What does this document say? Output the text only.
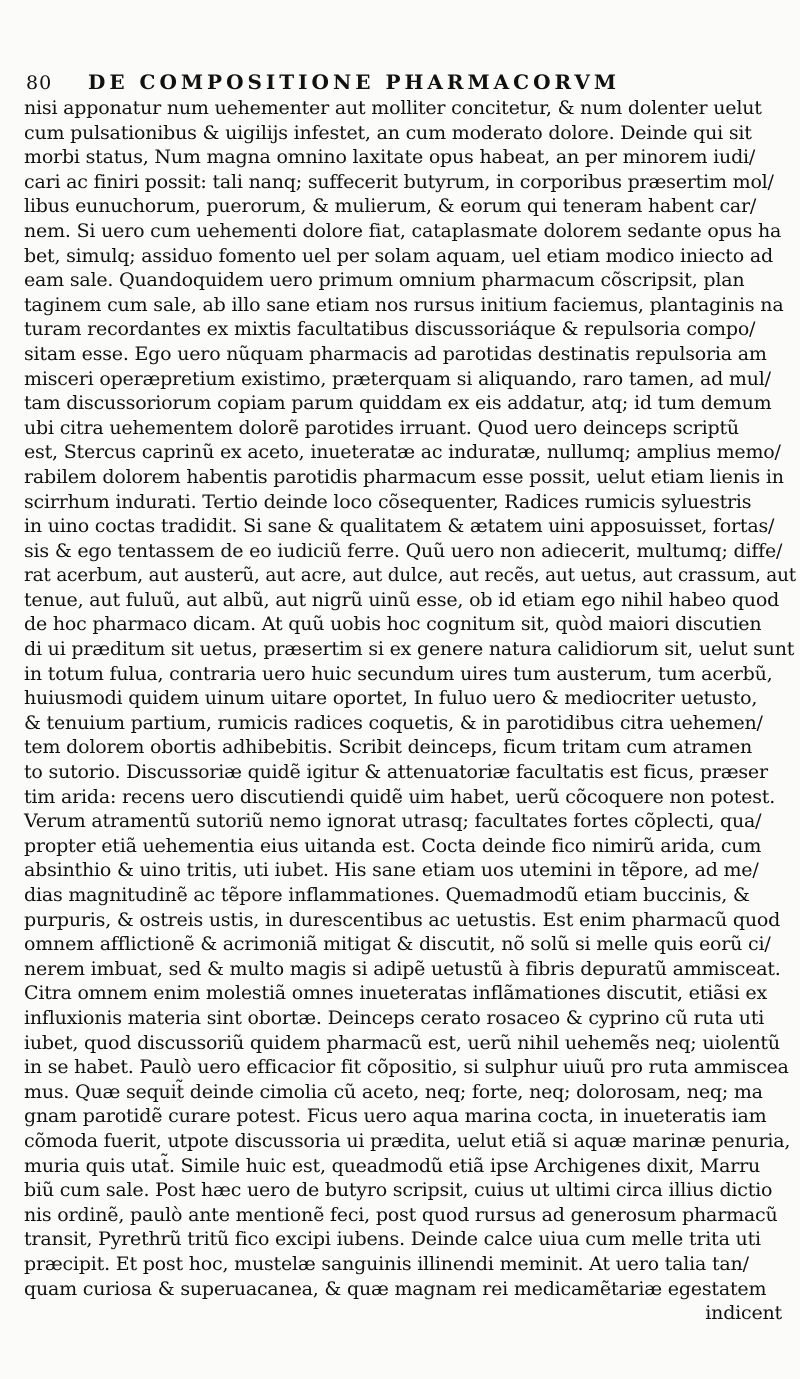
80	DE COMPOSITIONE PHARMACORVM
nisi apponatur num uehementer aut molliter concitetur, & num dolenter uelut
cum pulsationibus & uigilijs infestet, an cum moderato dolore. Deinde qui sit
morbi status, Num magna omnino laxitate opus habeat, an per minorem iudi/
cari ac finiri possit: tali nanq; suffecerit butyrum, in corporibus præsertim mol/
libus eunuchorum, puerorum, & mulierum, & eorum qui teneram habent car/
nem. Si uero cum uehementi dolore fiat, cataplasmate dolorem sedante opus ha
bet, simulq; assiduo fomento uel per solam aquam, uel etiam modico iniecto ad
eam sale. Quandoquidem uero primum omnium pharmacum cõscripsit, plan
taginem cum sale, ab illo sane etiam nos rursus initium faciemus, plantaginis na
turam recordantes ex mixtis facultatibus discussoriáque & repulsoria compo/
sitam esse. Ego uero nũquam pharmacis ad parotidas destinatis repulsoria am
misceri operæpretium existimo, præterquam si aliquando, raro tamen, ad mul/
tam discussoriorum copiam parum quiddam ex eis addatur, atq; id tum demum
ubi citra uehementem dolorẽ parotides irruant. Quod uero deinceps scriptũ
est, Stercus caprinũ ex aceto, inueteratæ ac induratæ, nullumq; amplius memo/
rabilem dolorem habentis parotidis pharmacum esse possit, uelut etiam lienis in
scirrhum indurati. Tertio deinde loco cõsequenter, Radices rumicis syluestris
in uino coctas tradidit. Si sane & qualitatem & ætatem uini apposuisset, fortas/
sis & ego tentassem de eo iudiciũ ferre. Quũ uero non adiecerit, multumq; diffe/
rat acerbum, aut austerũ, aut acre, aut dulce, aut recẽs, aut uetus, aut crassum, aut
tenue, aut fuluũ, aut albũ, aut nigrũ uinũ esse, ob id etiam ego nihil habeo quod
de hoc pharmaco dicam. At quũ uobis hoc cognitum sit, quòd maiori discutien
di ui præditum sit uetus, præsertim si ex genere natura calidiorum sit, uelut sunt
in totum fulua, contraria uero huic secundum uires tum austerum, tum acerbũ,
huiusmodi quidem uinum uitare oportet, In fuluo uero & mediocriter uetusto,
& tenuium partium, rumicis radices coquetis, & in parotidibus citra uehemen/
tem dolorem obortis adhibebitis. Scribit deinceps, ficum tritam cum atramen
to sutorio. Discussoriæ quidẽ igitur & attenuatoriæ facultatis est ficus, præser
tim arida: recens uero discutiendi quidẽ uim habet, uerũ cõcoquere non potest.
Verum atramentũ sutoriũ nemo ignorat utrasq; facultates fortes cõplecti, qua/
propter etiã uehementia eius uitanda est. Cocta deinde fico nimirũ arida, cum
absinthio & uino tritis, uti iubet. His sane etiam uos utemini in tẽpore, ad me/
dias magnitudinẽ ac tẽpore inflammationes. Quemadmodũ etiam buccinis, &
purpuris, & ostreis ustis, in durescentibus ac uetustis. Est enim pharmacũ quod
omnem afflictionẽ & acrimoniã mitigat & discutit, nõ solũ si melle quis eorũ ci/
nerem imbuat, sed & multo magis si adipẽ uetustũ à fibris depuratũ ammisceat.
Citra omnem enim molestiã omnes inueteratas inflãmationes discutit, etiãsi ex
influxionis materia sint obortæ. Deinceps cerato rosaceo & cyprino cũ ruta uti
iubet, quod discussoriũ quidem pharmacũ est, uerũ nihil uehemẽs neq; uiolentũ
in se habet. Paulò uero efficacior fit cõpositio, si sulphur uiuũ pro ruta ammiscea
mus. Quæ sequit̃ deinde cimolia cũ aceto, neq; forte, neq; dolorosam, neq; ma
gnam parotidẽ curare potest. Ficus uero aqua marina cocta, in inueteratis iam
cõmoda fuerit, utpote discussoria ui prædita, uelut etiã si aquæ marinæ penuria,
muria quis utat̃. Simile huic est, queadmodũ etiã ipse Archigenes dixit, Marru
biũ cum sale. Post hæc uero de butyro scripsit, cuius ut ultimi circa illius dictio
nis ordinẽ, paulò ante mentionẽ feci, post quod rursus ad generosum pharmacũ
transit, Pyrethrũ tritũ fico excipi iubens. Deinde calce uiua cum melle trita uti
præcipit. Et post hoc, mustelæ sanguinis illinendi meminit. At uero talia tan/
quam curiosa & superuacanea, & quæ magnam rei medicamẽtariæ egestatem
indicent
